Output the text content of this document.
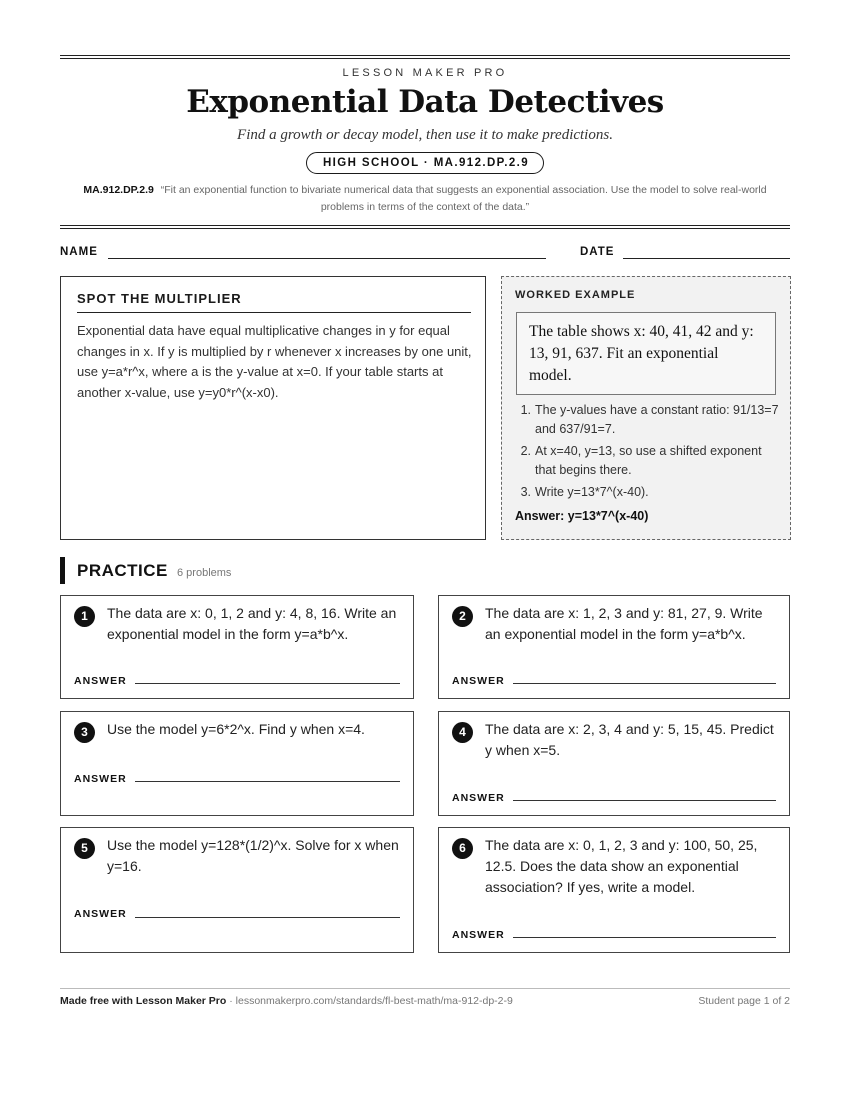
LESSON MAKER PRO
Exponential Data Detectives
Find a growth or decay model, then use it to make predictions.
HIGH SCHOOL · MA.912.DP.2.9
MA.912.DP.2.9 “Fit an exponential function to bivariate numerical data that suggests an exponential association. Use the model to solve real-world problems in terms of the context of the data.”
NAME	DATE
SPOT THE MULTIPLIER

Exponential data have equal multiplicative changes in y for equal changes in x. If y is multiplied by r whenever x increases by one unit, use y=a*r^x, where a is the y-value at x=0. If your table starts at another x-value, use y=y0*r^(x-x0).

WORKED EXAMPLE
The table shows x: 40, 41, 42 and y: 13, 91, 637. Fit an exponential model.
1. The y-values have a constant ratio: 91/13=7 and 637/91=7.
2. At x=40, y=13, so use a shifted exponent that begins there.
3. Write y=13*7^(x-40).
Answer: y=13*7^(x-40)
PRACTICE 6 problems
1	The data are x: 0, 1, 2 and y: 4, 8, 16. Write an exponential model in the form y=a*b^x.
ANSWER
2	The data are x: 1, 2, 3 and y: 81, 27, 9. Write an exponential model in the form y=a*b^x.
ANSWER
3	Use the model y=6*2^x. Find y when x=4.
ANSWER
4	The data are x: 2, 3, 4 and y: 5, 15, 45. Predict y when x=5.
ANSWER
5	Use the model y=128*(1/2)^x. Solve for x when y=16.
ANSWER
6	The data are x: 0, 1, 2, 3 and y: 100, 50, 25, 12.5. Does the data show an exponential association? If yes, write a model.
ANSWER
Made free with Lesson Maker Pro · lessonmakerpro.com/standards/fl-best-math/ma-912-dp-2-9	Student page 1 of 2
